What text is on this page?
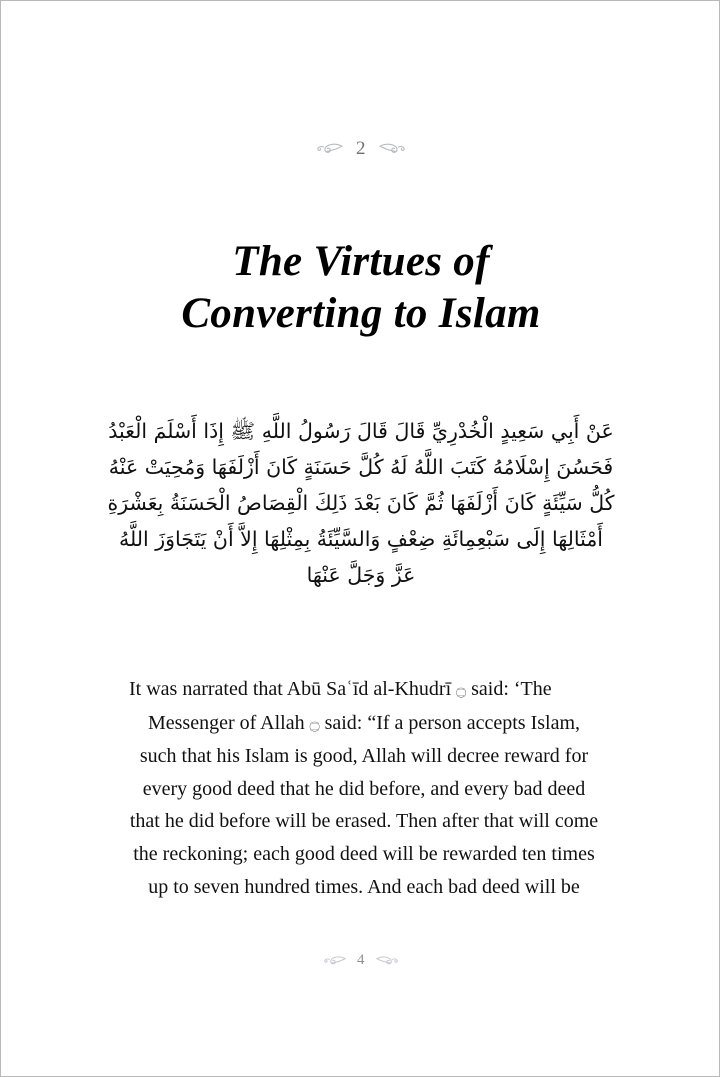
2
The Virtues of
Converting to Islam
عَنْ أَبِي سَعِيدٍ الْخُدْرِيِّ قَالَ قَالَ رَسُولُ اللَّهِ ﷺ إِذَا أَسْلَمَ الْعَبْدُ
فَحَسُنَ إِسْلَامُهُ كَتَبَ اللَّهُ لَهُ كُلَّ حَسَنَةٍ كَانَ أَزْلَفَهَا وَمُحِيَتْ عَنْهُ
كُلُّ سَيِّئَةٍ كَانَ أَزْلَفَهَا ثُمَّ كَانَ بَعْدَ ذَلِكَ الْقِصَاصُ الْحَسَنَةُ بِعَشْرَةِ
أَمْثَالِهَا إِلَى سَبْعِمِائَةِ ضِعْفٍ وَالسَّيِّئَةُ بِمِثْلِهَا إِلاَّ أَنْ يَتَجَاوَزَ اللَّهُ
عَزَّ وَجَلَّ عَنْهَا
It was narrated that Abū Saʿīd al-Khudrī ۝ said: ‘The
Messenger of Allah ۝ said: “If a person accepts Islam,
such that his Islam is good, Allah will decree reward for
every good deed that he did before, and every bad deed
that he did before will be erased. Then after that will come
the reckoning; each good deed will be rewarded ten times
up to seven hundred times. And each bad deed will be
4
